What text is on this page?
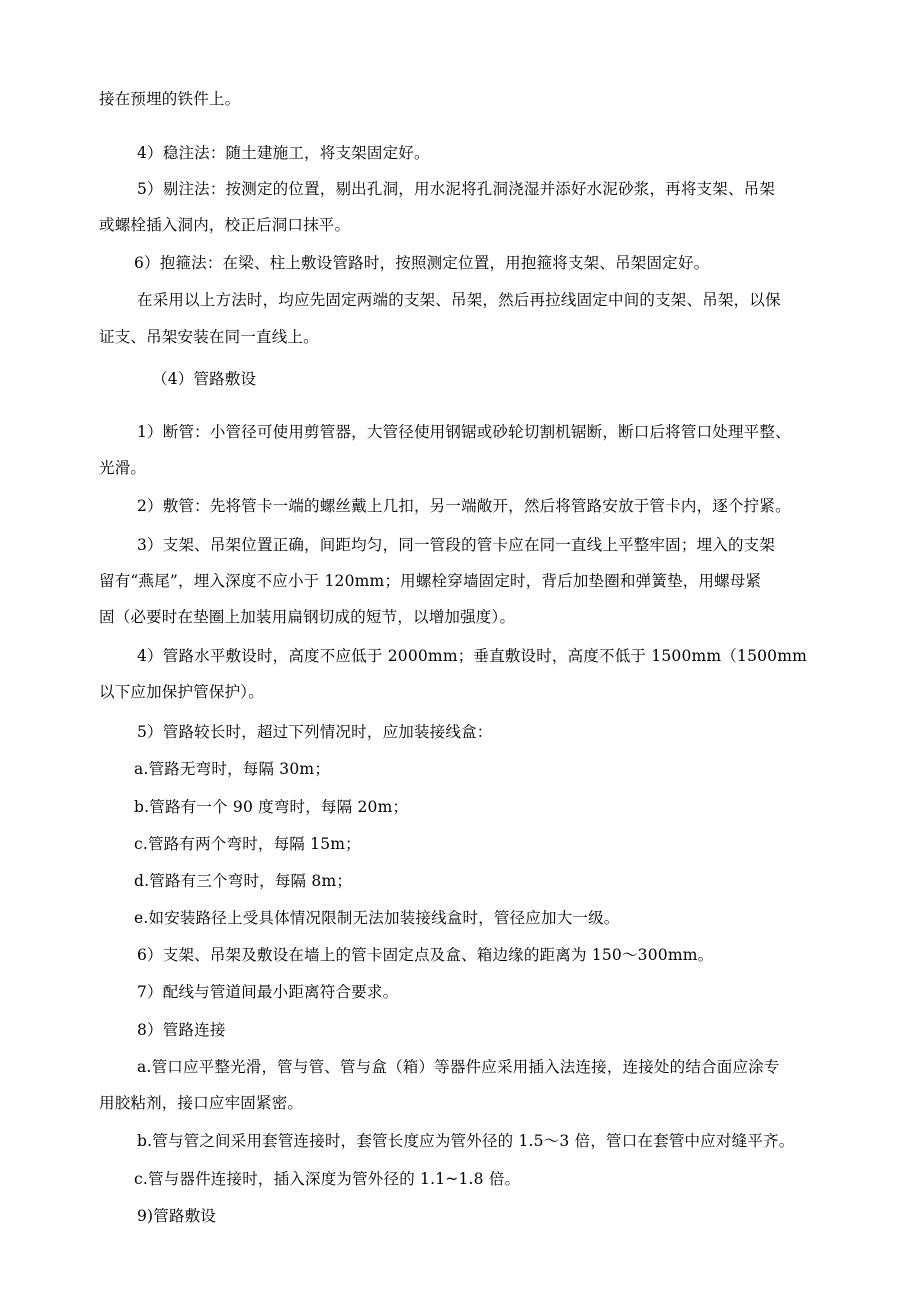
接在预埋的铁件上。
4）稳注法：随土建施工，将支架固定好。
5）剔注法：按测定的位置，剔出孔洞，用水泥将孔洞浇湿并添好水泥砂浆，再将支架、吊架
或螺栓插入洞内，校正后洞口抹平。
6）抱箍法：在梁、柱上敷设管路时，按照测定位置，用抱箍将支架、吊架固定好。
在采用以上方法时，均应先固定两端的支架、吊架，然后再拉线固定中间的支架、吊架，以保
证支、吊架安装在同一直线上。
（4）管路敷设
1）断管：小管径可使用剪管器，大管径使用钢锯或砂轮切割机锯断，断口后将管口处理平整、
光滑。
2）敷管：先将管卡一端的螺丝戴上几扣，另一端敞开，然后将管路安放于管卡内，逐个拧紧。
3）支架、吊架位置正确，间距均匀，同一管段的管卡应在同一直线上平整牢固；埋入的支架
留有“燕尾”，埋入深度不应小于 120mm；用螺栓穿墙固定时，背后加垫圈和弹簧垫，用螺母紧
固（必要时在垫圈上加装用扁钢切成的短节，以增加强度）。
4）管路水平敷设时，高度不应低于 2000mm；垂直敷设时，高度不低于 1500mm（1500mm
以下应加保护管保护）。
5）管路较长时，超过下列情况时，应加装接线盒：
a.管路无弯时，每隔 30m；
b.管路有一个 90 度弯时，每隔 20m；
c.管路有两个弯时，每隔 15m；
d.管路有三个弯时，每隔 8m；
e.如安装路径上受具体情况限制无法加装接线盒时，管径应加大一级。
6）支架、吊架及敷设在墙上的管卡固定点及盒、箱边缘的距离为 150～300mm。
7）配线与管道间最小距离符合要求。
8）管路连接
a.管口应平整光滑，管与管、管与盒（箱）等器件应采用插入法连接，连接处的结合面应涂专
用胶粘剂，接口应牢固紧密。
b.管与管之间采用套管连接时，套管长度应为管外径的 1.5～3 倍，管口在套管中应对缝平齐。
c.管与器件连接时，插入深度为管外径的 1.1~1.8 倍。
9)管路敷设
